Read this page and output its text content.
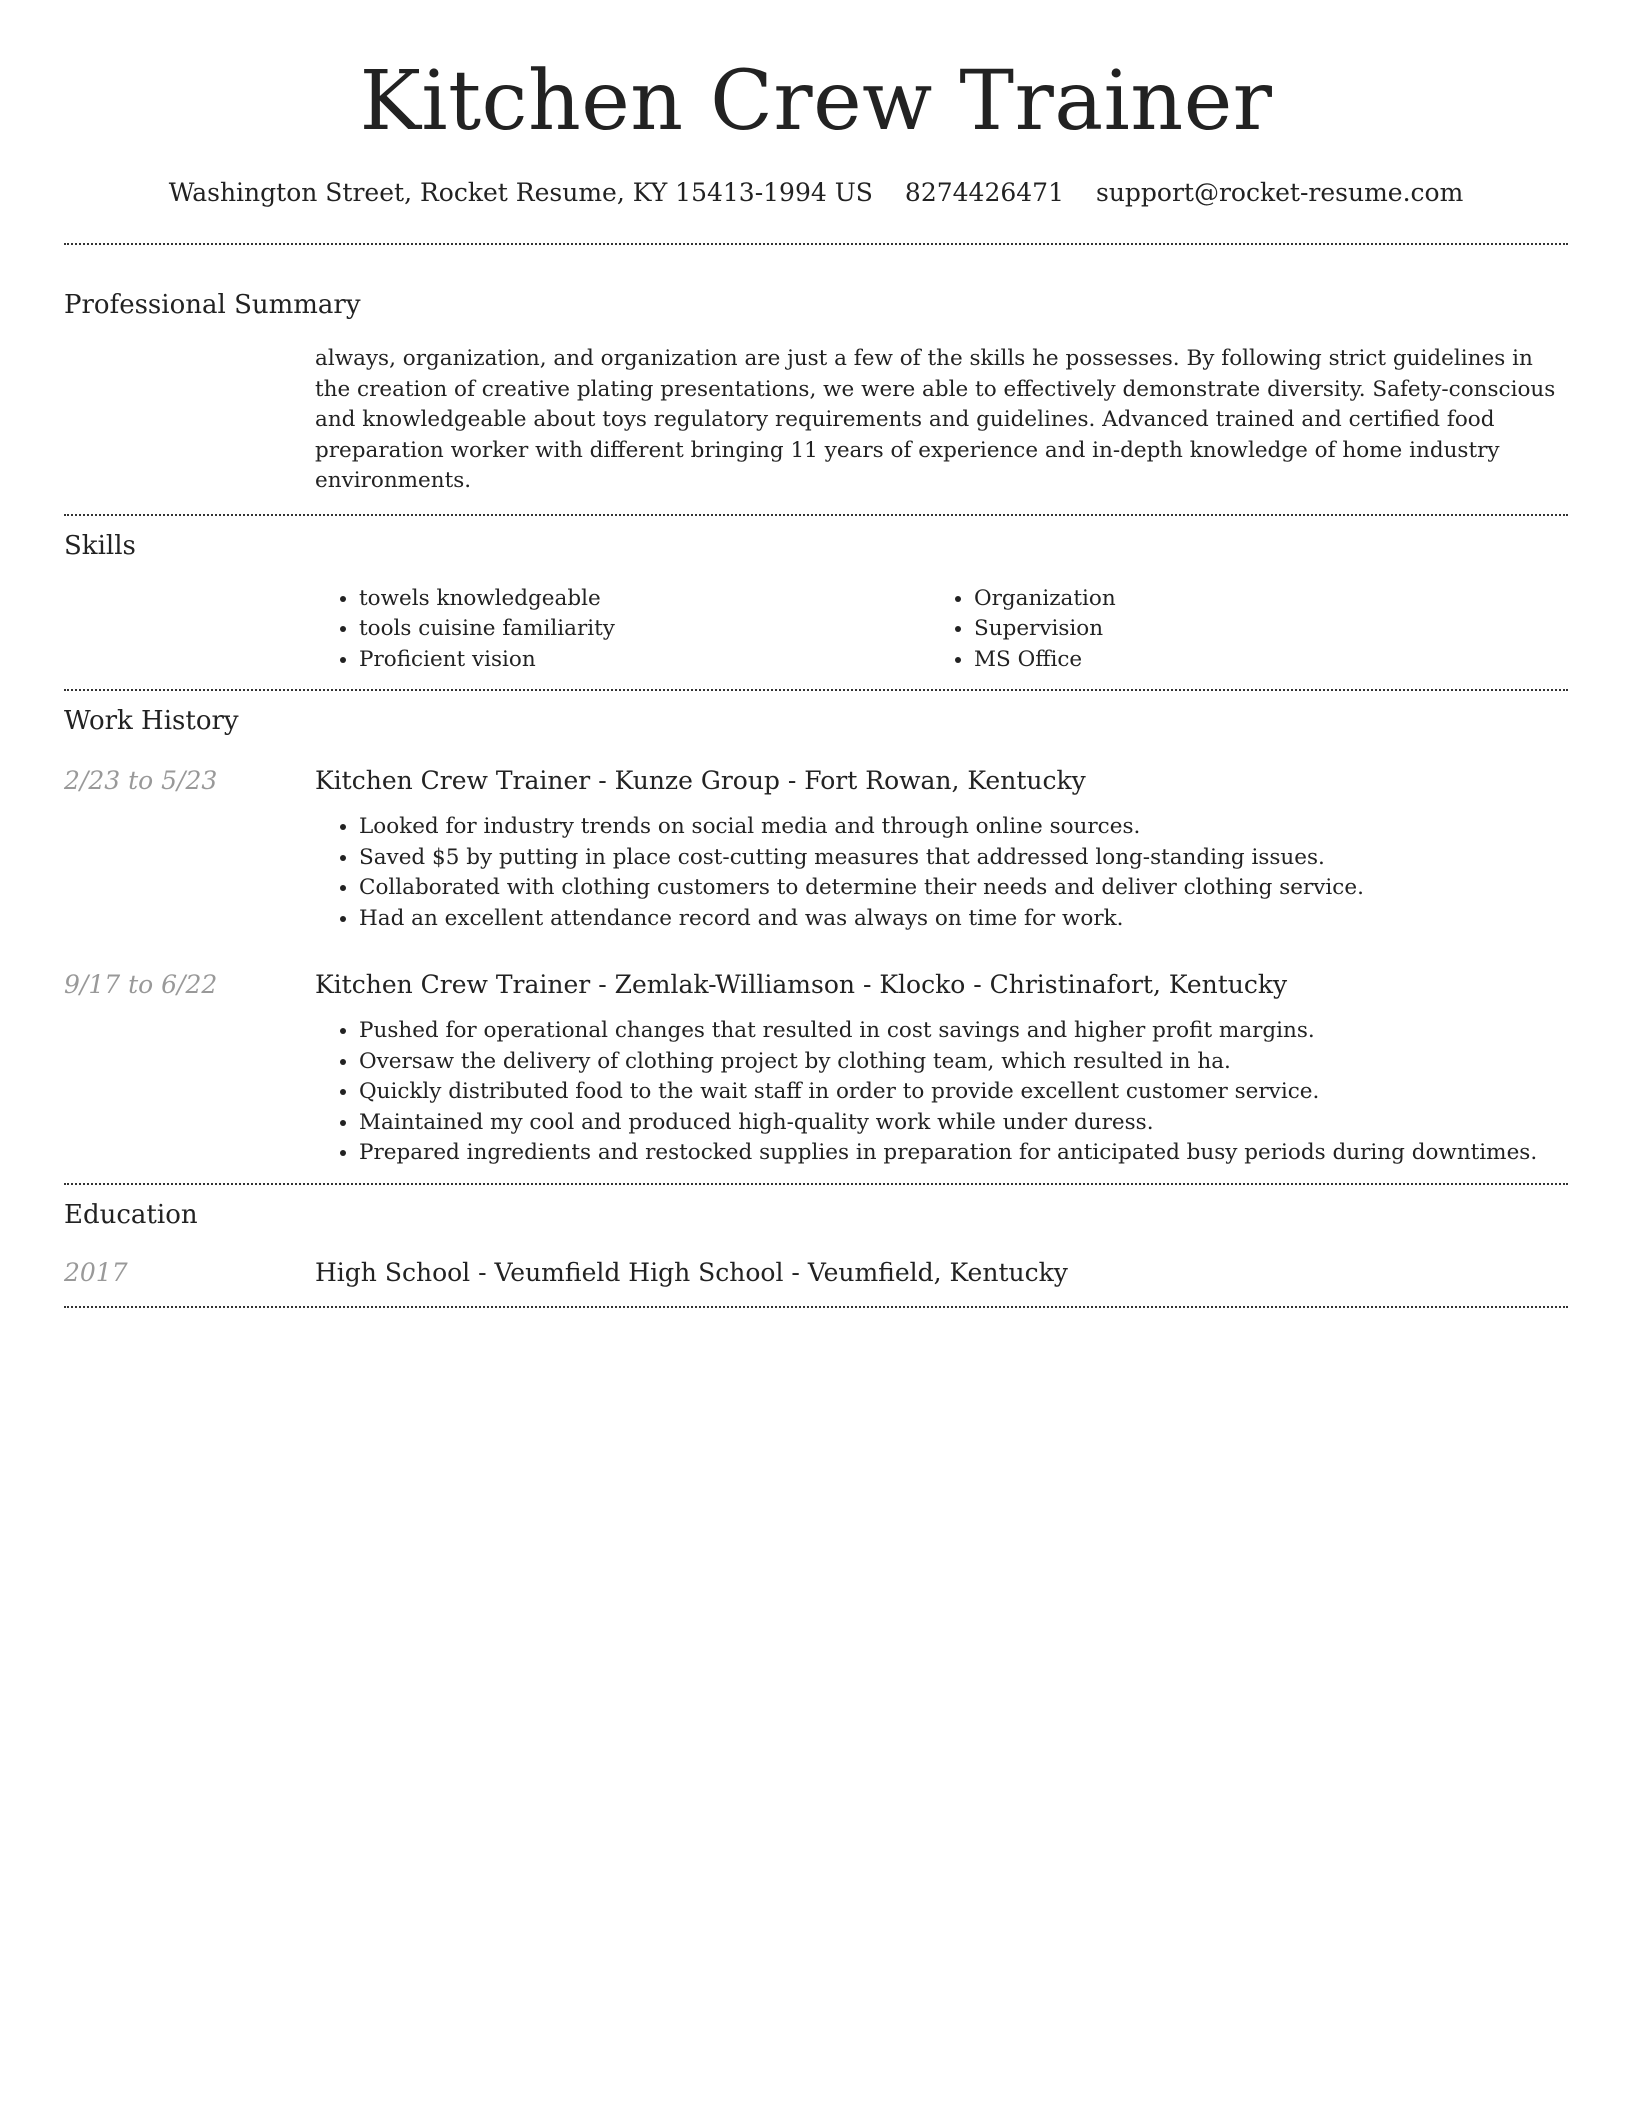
Kitchen Crew Trainer
Washington Street, Rocket Resume, KY 15413-1994 US 8274426471 support@rocket-resume.com
Professional Summary
always, organization, and organization are just a few of the skills he possesses. By following strict guidelines in the creation of creative plating presentations, we were able to effectively demonstrate diversity. Safety-conscious and knowledgeable about toys regulatory requirements and guidelines. Advanced trained and certified food preparation worker with different bringing 11 years of experience and in-depth knowledge of home industry environments.
Skills
• towels knowledgeable
• tools cuisine familiarity
• Proficient vision
• Organization
• Supervision
• MS Office
Work History
2/23 to 5/23	Kitchen Crew Trainer - Kunze Group - Fort Rowan, Kentucky
• Looked for industry trends on social media and through online sources.
• Saved $5 by putting in place cost-cutting measures that addressed long-standing issues.
• Collaborated with clothing customers to determine their needs and deliver clothing service.
• Had an excellent attendance record and was always on time for work.
9/17 to 6/22	Kitchen Crew Trainer - Zemlak-Williamson - Klocko - Christinafort, Kentucky
• Pushed for operational changes that resulted in cost savings and higher profit margins.
• Oversaw the delivery of clothing project by clothing team, which resulted in ha.
• Quickly distributed food to the wait staff in order to provide excellent customer service.
• Maintained my cool and produced high-quality work while under duress.
• Prepared ingredients and restocked supplies in preparation for anticipated busy periods during downtimes.
Education
2017	High School - Veumfield High School - Veumfield, Kentucky
